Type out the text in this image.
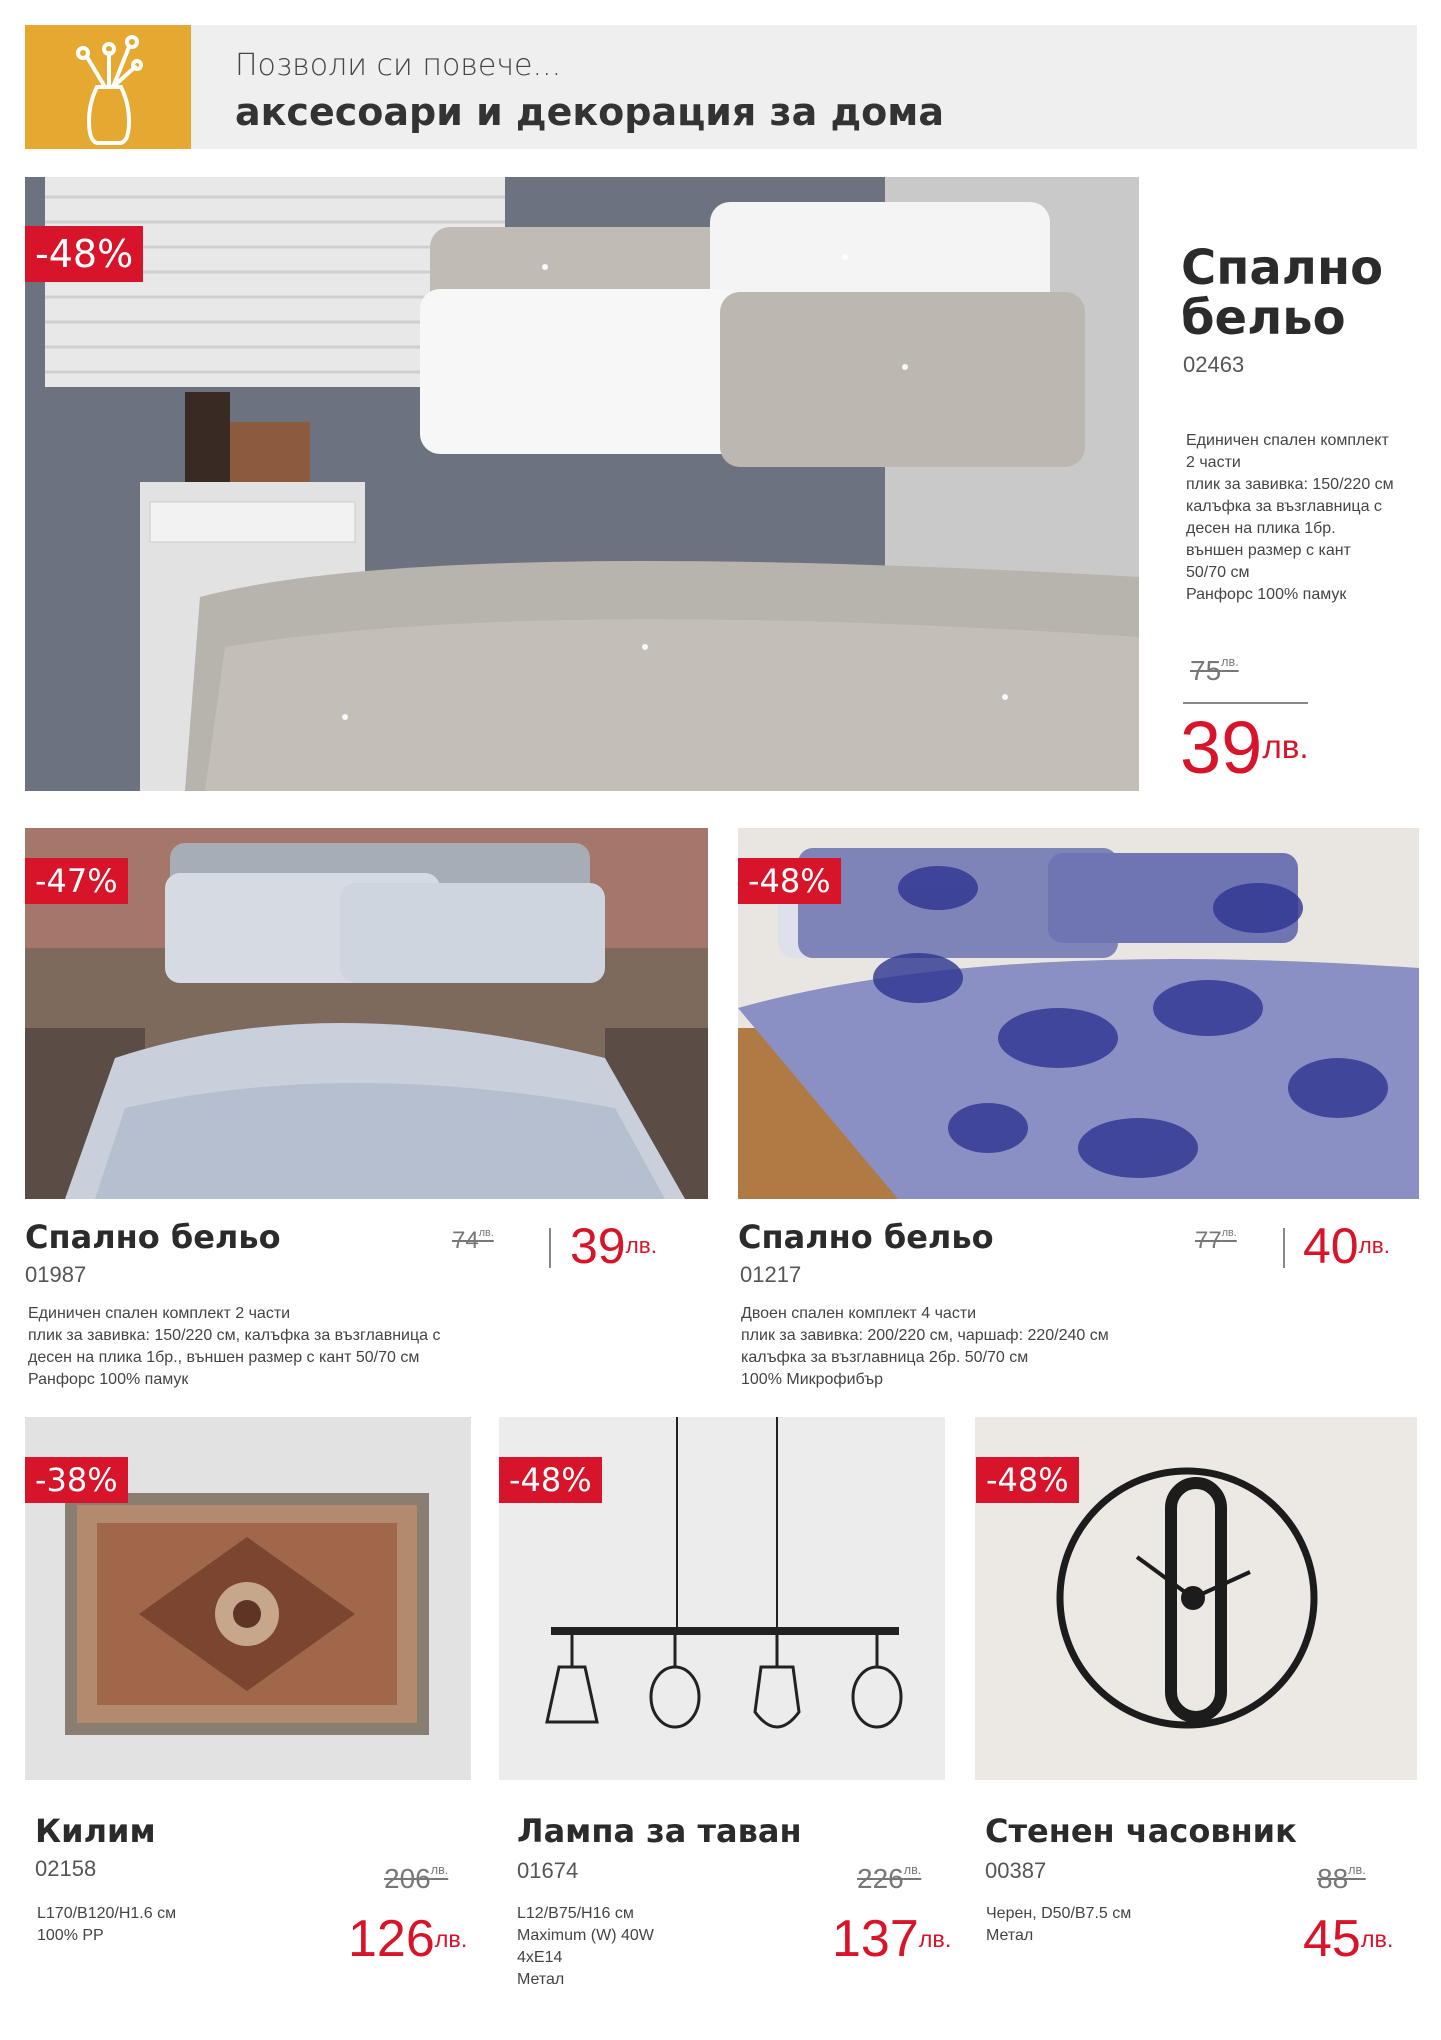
Позволи си повече...
аксесоари и декорация за дома
-48%	Спално
бельо
02463
Единичен спален комплект
2 части
плик за завивка: 150/220 см
калъфка за възглавница с
десен на плика 1бр.
външен размер с кант
50/70 см
Ранфорс 100% памук
$75^{лв.}$
$39^{лв.}$
-47%
Спално бельо
01987
$74^{лв.}$ $39^{лв.}$
Единичен спален комплект 2 части
плик за завивка: 150/220 см, калъфка за възглавница с
десен на плика 1бр., външен размер с кант 50/70 см
Ранфорс 100% памук
-48%
Спално бельо
01217
$77^{лв.}$ $40^{лв.}$
Двоен спален комплект 4 части
плик за завивка: 200/220 см, чаршаф: 220/240 см
калъфка за възглавница 2бр. 50/70 см
100% Микрофибър
-38%
Килим
02158
L170/B120/H1.6 см
100% PP
$206^{лв.}$
$126^{лв.}$
-48%
Лампа за таван
01674
L12/B75/H16 см
Maximum (W) 40W
4xE14
Метал
$226^{лв.}$
$137^{лв.}$
-48%
Стенен часовник
00387
Черен, D50/B7.5 см
Метал
$88^{лв.}$
$45^{лв.}$
